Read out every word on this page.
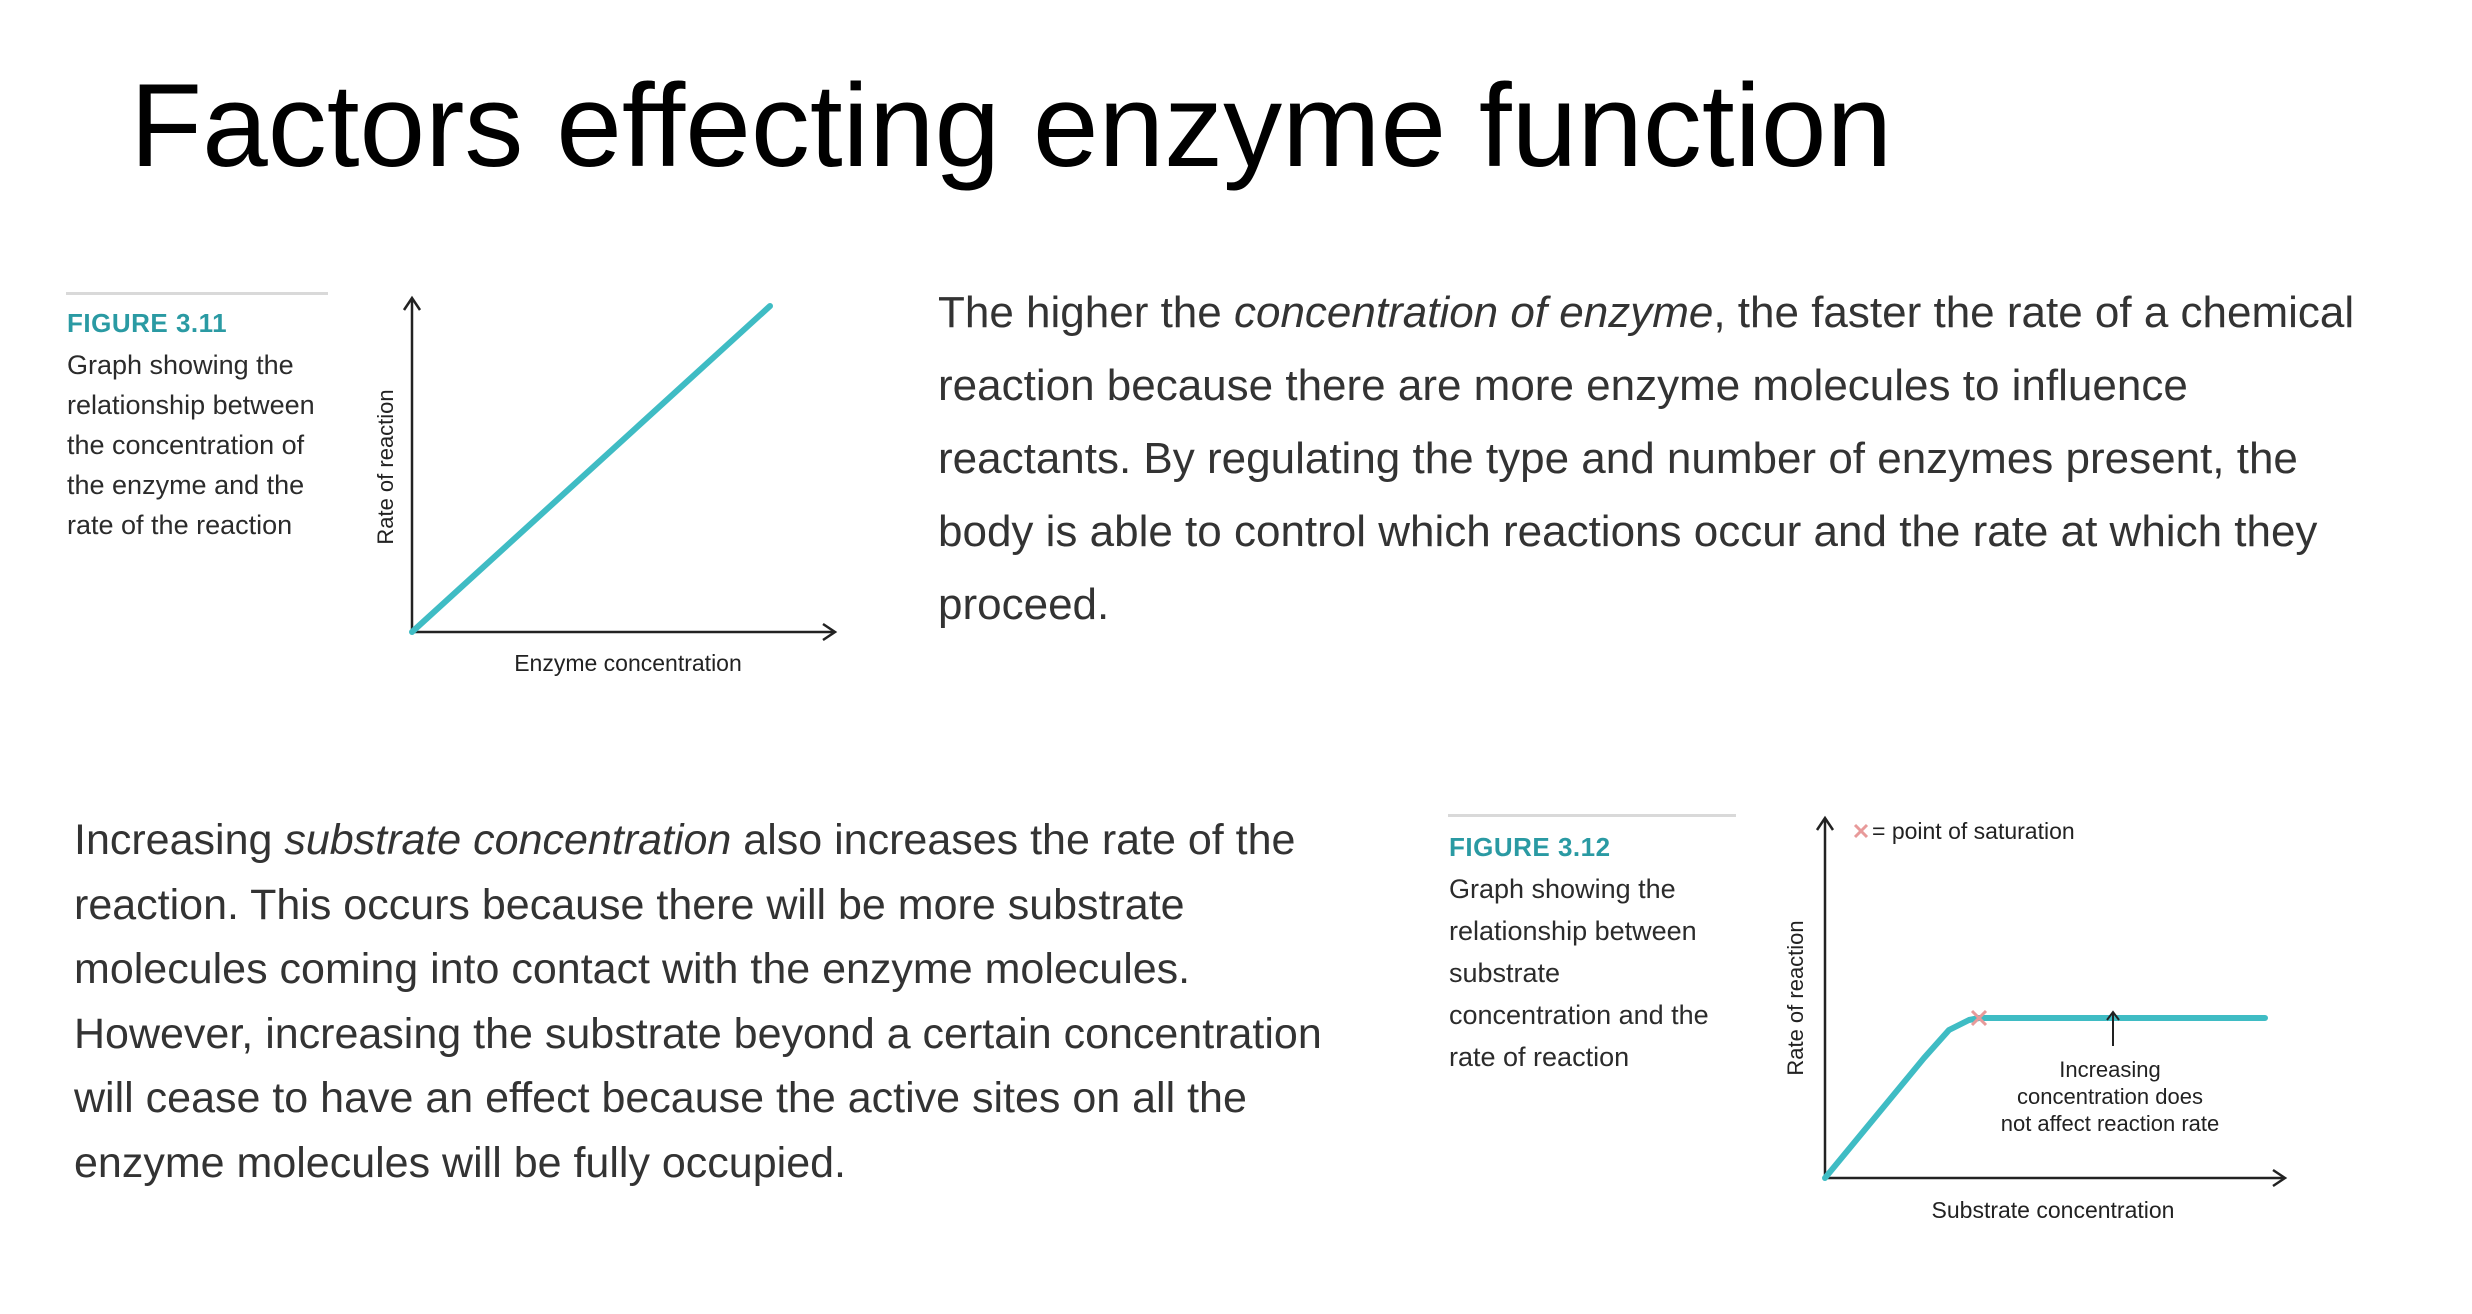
Factors effecting enzyme function
FIGURE 3.11
Graph showing the relationship between the concentration of the enzyme and the rate of the reaction	Rate of reaction
Enzyme concentration
The higher the concentration of enzyme, the faster the rate of a chemical reaction because there are more enzyme molecules to influence reactants. By regulating the type and number of enzymes present, the body is able to control which reactions occur and the rate at which they proceed.
Increasing substrate concentration also increases the rate of the reaction. This occurs because there will be more substrate molecules coming into contact with the enzyme molecules. However, increasing the substrate beyond a certain concentration will cease to have an effect because the active sites on all the enzyme molecules will be fully occupied.
FIGURE 3.12
Graph showing the relationship between substrate concentration and the rate of reaction	Rate of reaction
Substrate concentration
= point of saturation
Increasing
concentration does
not affect reaction rate
